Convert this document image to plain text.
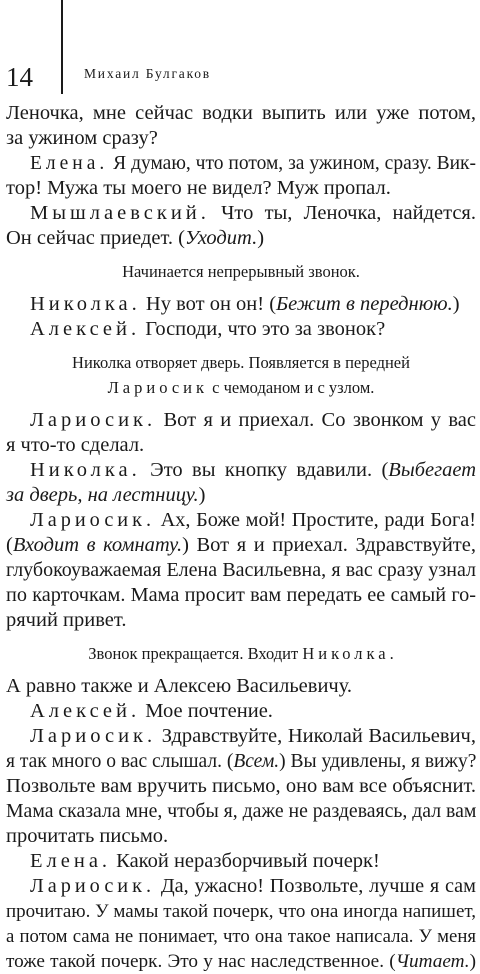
14	Михаил Булгаков
Леночка, мне сейчас водки выпить или уже потом,
за ужином сразу?
Елена. Я думаю, что потом, за ужином, сразу. Вик-
тор! Мужа ты моего не видел? Муж пропал.
Мышлаевский. Что ты, Леночка, найдется.
Он сейчас приедет. (Уходит.)
Начинается непрерывный звонок.
Николка. Ну вот он он! (Бежит в переднюю.)
Алексей. Господи, что это за звонок?
Николка отворяет дверь. Появляется в передней
Лариосик с чемоданом и с узлом.
Лариосик. Вот я и приехал. Со звонком у вас
я что-то сделал.
Николка. Это вы кнопку вдавили. (Выбегает
за дверь, на лестницу.)
Лариосик. Ах, Боже мой! Простите, ради Бога!
(Входит в комнату.) Вот я и приехал. Здравствуйте,
глубокоуважаемая Елена Васильевна, я вас сразу узнал
по карточкам. Мама просит вам передать ее самый го-
рячий привет.
Звонок прекращается. Входит Николка.
А равно также и Алексею Васильевичу.
Алексей. Мое почтение.
Лариосик. Здравствуйте, Николай Васильевич,
я так много о вас слышал. (Всем.) Вы удивлены, я вижу?
Позвольте вам вручить письмо, оно вам все объяснит.
Мама сказала мне, чтобы я, даже не раздеваясь, дал вам
прочитать письмо.
Елена. Какой неразборчивый почерк!
Лариосик. Да, ужасно! Позвольте, лучше я сам
прочитаю. У мамы такой почерк, что она иногда напишет,
а потом сама не понимает, что она такое написала. У меня
тоже такой почерк. Это у нас наследственное. (Читает.)
